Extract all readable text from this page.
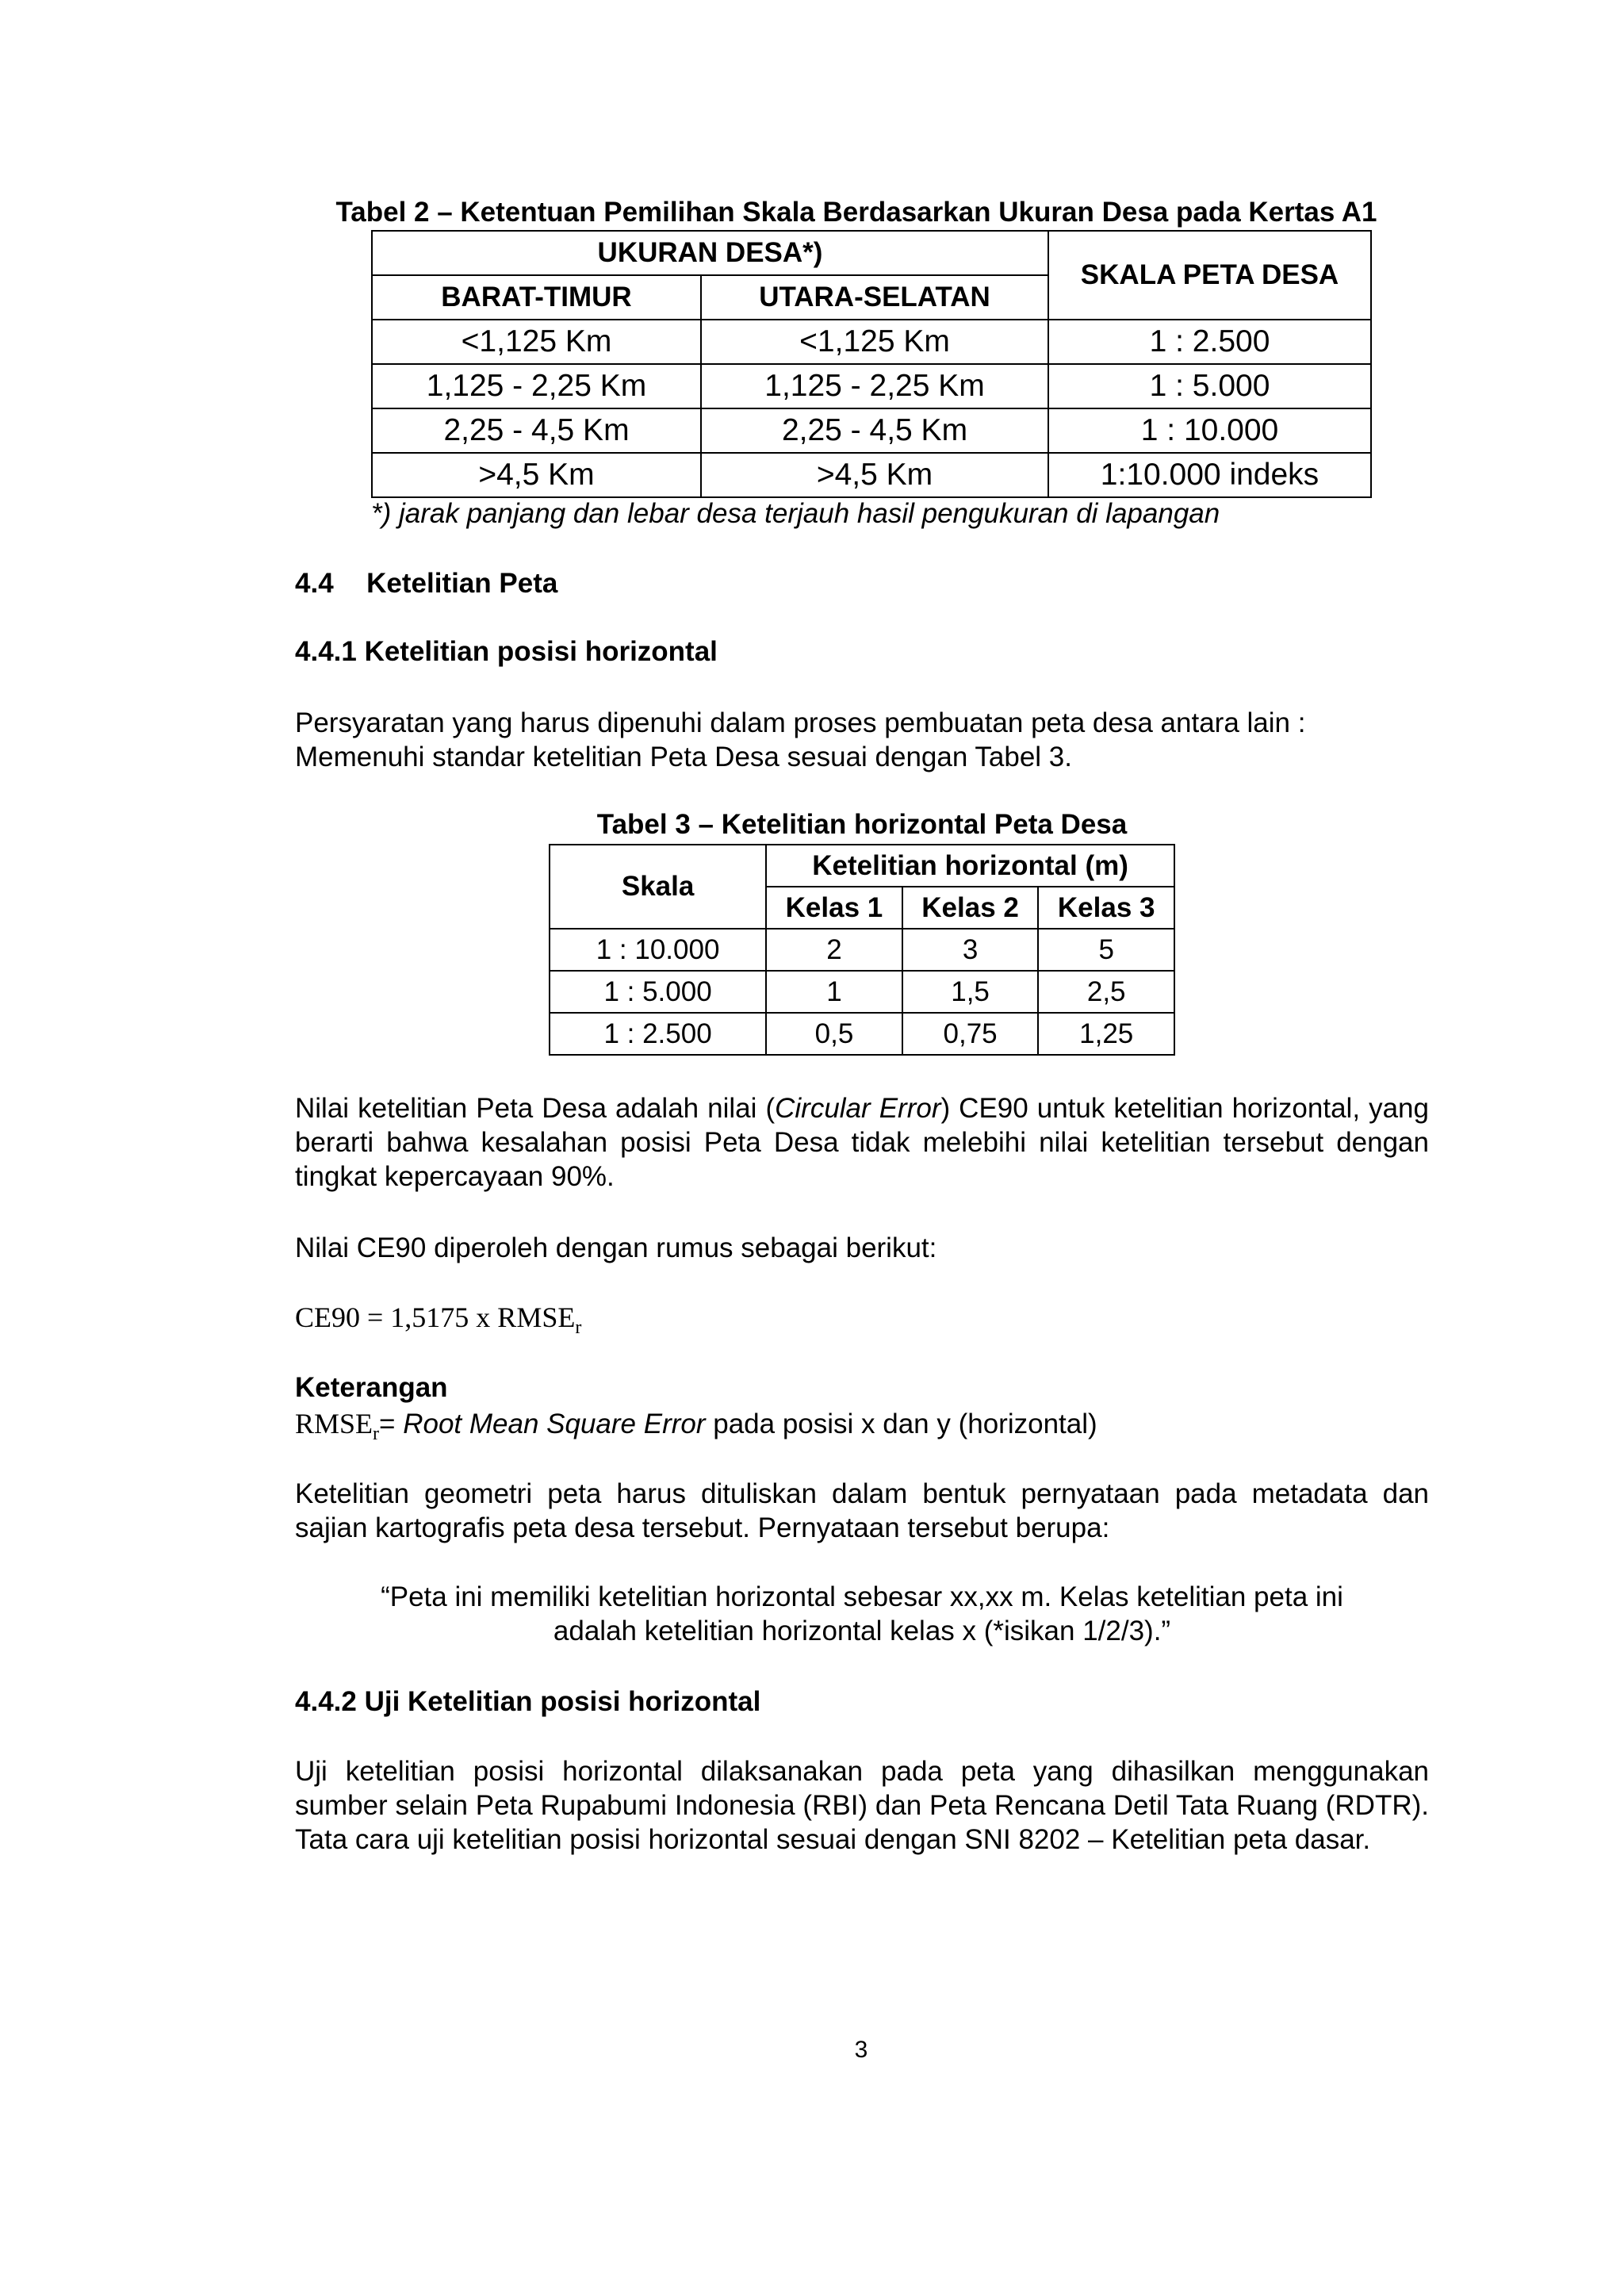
Tabel 2 – Ketentuan Pemilihan Skala Berdasarkan Ukuran Desa pada Kertas A1
UKURAN DESA*)		SKALA PETA DESA
BARAT-TIMUR	UTARA-SELATAN	
<1,125 Km	<1,125 Km	1 : 2.500
1,125 - 2,25 Km	1,125 - 2,25 Km	1 : 5.000
2,25 - 4,5 Km	2,25 - 4,5 Km	1 : 10.000
>4,5 Km	>4,5 Km	1:10.000 indeks
*) jarak panjang dan lebar desa terjauh hasil pengukuran di lapangan
4.4 Ketelitian Peta
4.4.1 Ketelitian posisi horizontal
Persyaratan yang harus dipenuhi dalam proses pembuatan peta desa antara lain :
Memenuhi standar ketelitian Peta Desa sesuai dengan Tabel 3.
Tabel 3 – Ketelitian horizontal Peta Desa
Skala	Ketelitian horizontal (m)		
	Kelas 1	Kelas 2	Kelas 3
1 : 10.000	2	3	5
1 : 5.000	1	1,5	2,5
1 : 2.500	0,5	0,75	1,25
Nilai ketelitian Peta Desa adalah nilai (Circular Error) CE90 untuk ketelitian horizontal, yang berarti bahwa kesalahan posisi Peta Desa tidak melebihi nilai ketelitian tersebut dengan tingkat kepercayaan 90%.
Nilai CE90 diperoleh dengan rumus sebagai berikut:
CE90 = 1,5175 x $RMSE_r$
Keterangan
$RMSE_r=$ Root Mean Square Error pada posisi x dan y (horizontal)
Ketelitian geometri peta harus dituliskan dalam bentuk pernyataan pada metadata dan sajian kartografis peta desa tersebut. Pernyataan tersebut berupa:
“Peta ini memiliki ketelitian horizontal sebesar xx,xx m. Kelas ketelitian peta ini
adalah ketelitian horizontal kelas x (*isikan 1/2/3).”
4.4.2 Uji Ketelitian posisi horizontal
Uji ketelitian posisi horizontal dilaksanakan pada peta yang dihasilkan menggunakan sumber selain Peta Rupabumi Indonesia (RBI) dan Peta Rencana Detil Tata Ruang (RDTR). Tata cara uji ketelitian posisi horizontal sesuai dengan SNI 8202 – Ketelitian peta dasar.
3
